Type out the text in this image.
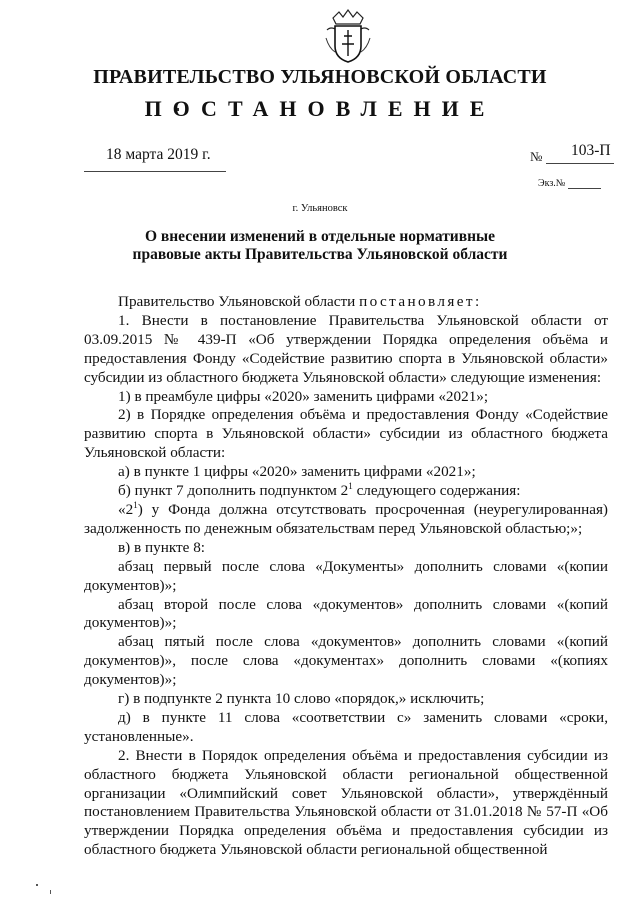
ПРАВИТЕЛЬСТВО УЛЬЯНОВСКОЙ ОБЛАСТИ
ПОСТАНОВЛЕНИЕ
18 марта 2019 г.	№ 103-П
Экз.№
г. Ульяновск
О внесении изменений в отдельные нормативные
правовые акты Правительства Ульяновской области

Правительство Ульяновской области постановляет:

1. Внести в постановление Правительства Ульяновской области от 03.09.2015 № 439-П «Об утверждении Порядка определения объёма и предоставления Фонду «Содействие развитию спорта в Ульяновской области» субсидии из областного бюджета Ульяновской области» следующие изменения:

1) в преамбуле цифры «2020» заменить цифрами «2021»;

2) в Порядке определения объёма и предоставления Фонду «Содействие развитию спорта в Ульяновской области» субсидии из областного бюджета Ульяновской области:

а) в пункте 1 цифры «2020» заменить цифрами «2021»;

б) пункт 7 дополнить подпунктом $2^1$ следующего содержания:

«$2^1$) у Фонда должна отсутствовать просроченная (неурегулированная) задолженность по денежным обязательствам перед Ульяновской областью;»;

в) в пункте 8:

абзац первый после слова «Документы» дополнить словами «(копии документов)»;

абзац второй после слова «документов» дополнить словами «(копий документов)»;

абзац пятый после слова «документов» дополнить словами «(копий документов)», после слова «документах» дополнить словами «(копиях документов)»;

г) в подпункте 2 пункта 10 слово «порядок,» исключить;

д) в пункте 11 слова «соответствии с» заменить словами «сроки, установленные».

2. Внести в Порядок определения объёма и предоставления субсидии из областного бюджета Ульяновской области региональной общественной организации «Олимпийский совет Ульяновской области», утверждённый постановлением Правительства Ульяновской области от 31.01.2018 № 57-П «Об утверждении Порядка определения объёма и предоставления субсидии из областного бюджета Ульяновской области региональной общественной
